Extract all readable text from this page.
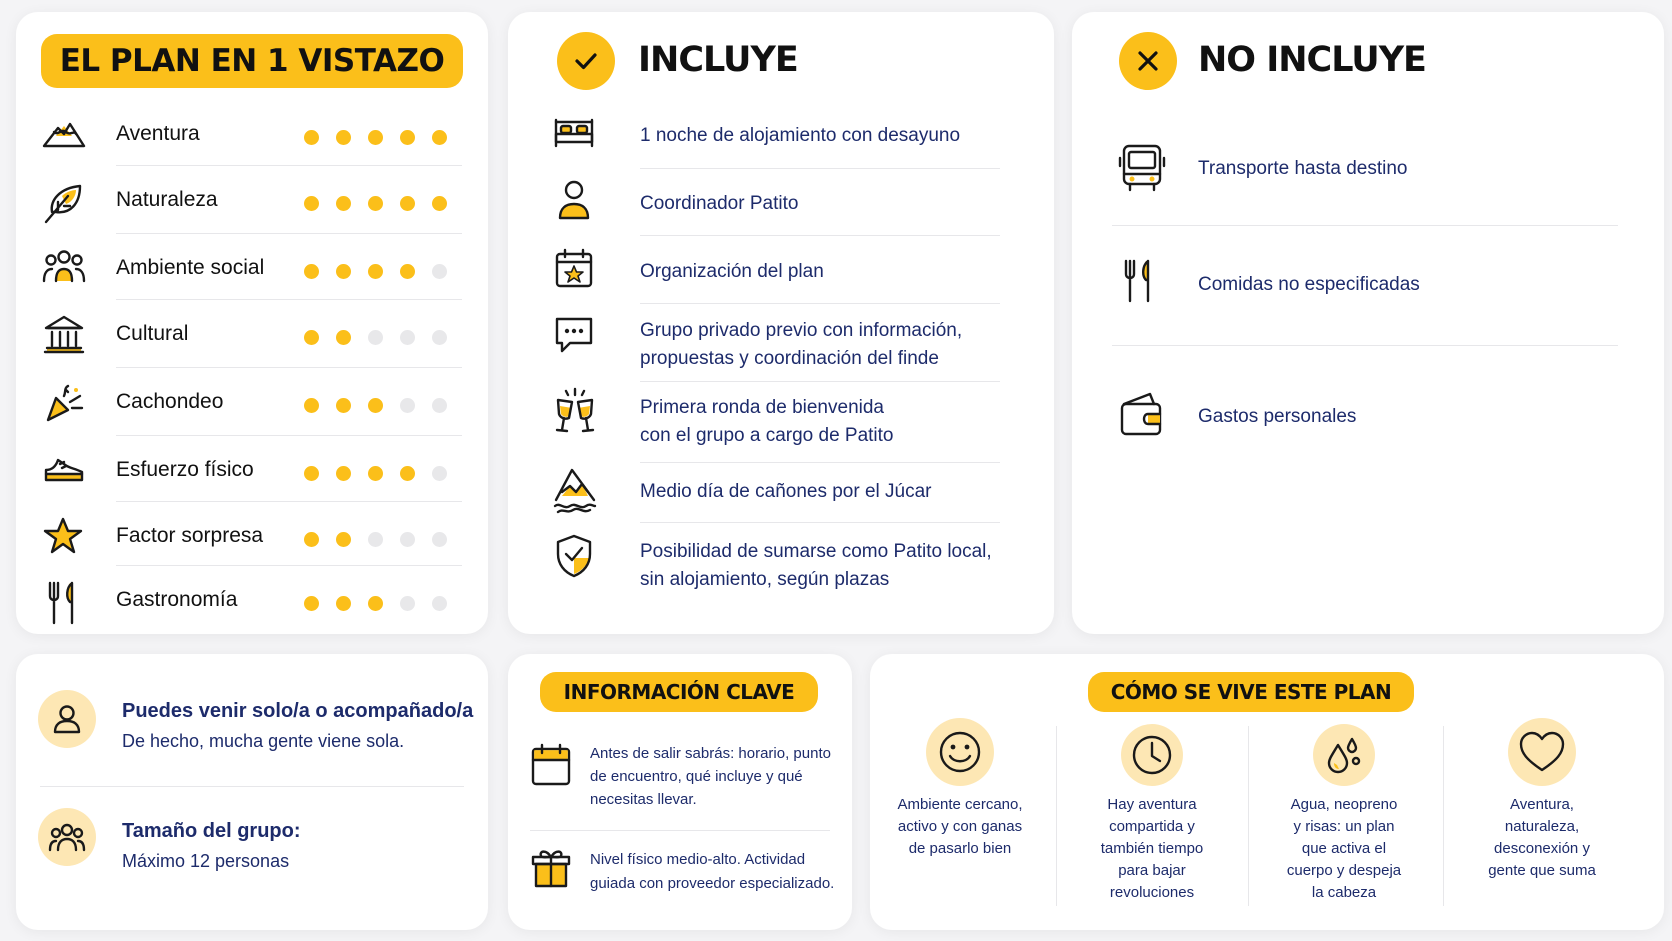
EL PLAN EN 1 VISTAZO
Aventura
Naturaleza
Ambiente social
Cultural
Cachondeo
Esfuerzo físico
Factor sorpresa
Gastronomía
INCLUYE
1 noche de alojamiento con desayuno
Coordinador Patito
Organización del plan
Grupo privado previo con información,
propuestas y coordinación del finde
Primera ronda de bienvenida
con el grupo a cargo de Patito
Medio día de cañones por el Júcar
Posibilidad de sumarse como Patito local,
sin alojamiento, según plazas
NO INCLUYE
Transporte hasta destino
Comidas no especificadas
Gastos personales
Puedes venir solo/a o acompañado/a
De hecho, mucha gente viene sola.
Tamaño del grupo:
Máximo 12 personas
INFORMACIÓN CLAVE
Antes de salir sabrás: horario, punto
de encuentro, qué incluye y qué
necesitas llevar.
Nivel físico medio-alto. Actividad
guiada con proveedor especializado.
CÓMO SE VIVE ESTE PLAN
Ambiente cercano,
activo y con ganas
de pasarlo bien
Hay aventura
compartida y
también tiempo
para bajar
revoluciones
Agua, neopreno
y risas: un plan
que activa el
cuerpo y despeja
la cabeza
Aventura,
naturaleza,
desconexión y
gente que suma
